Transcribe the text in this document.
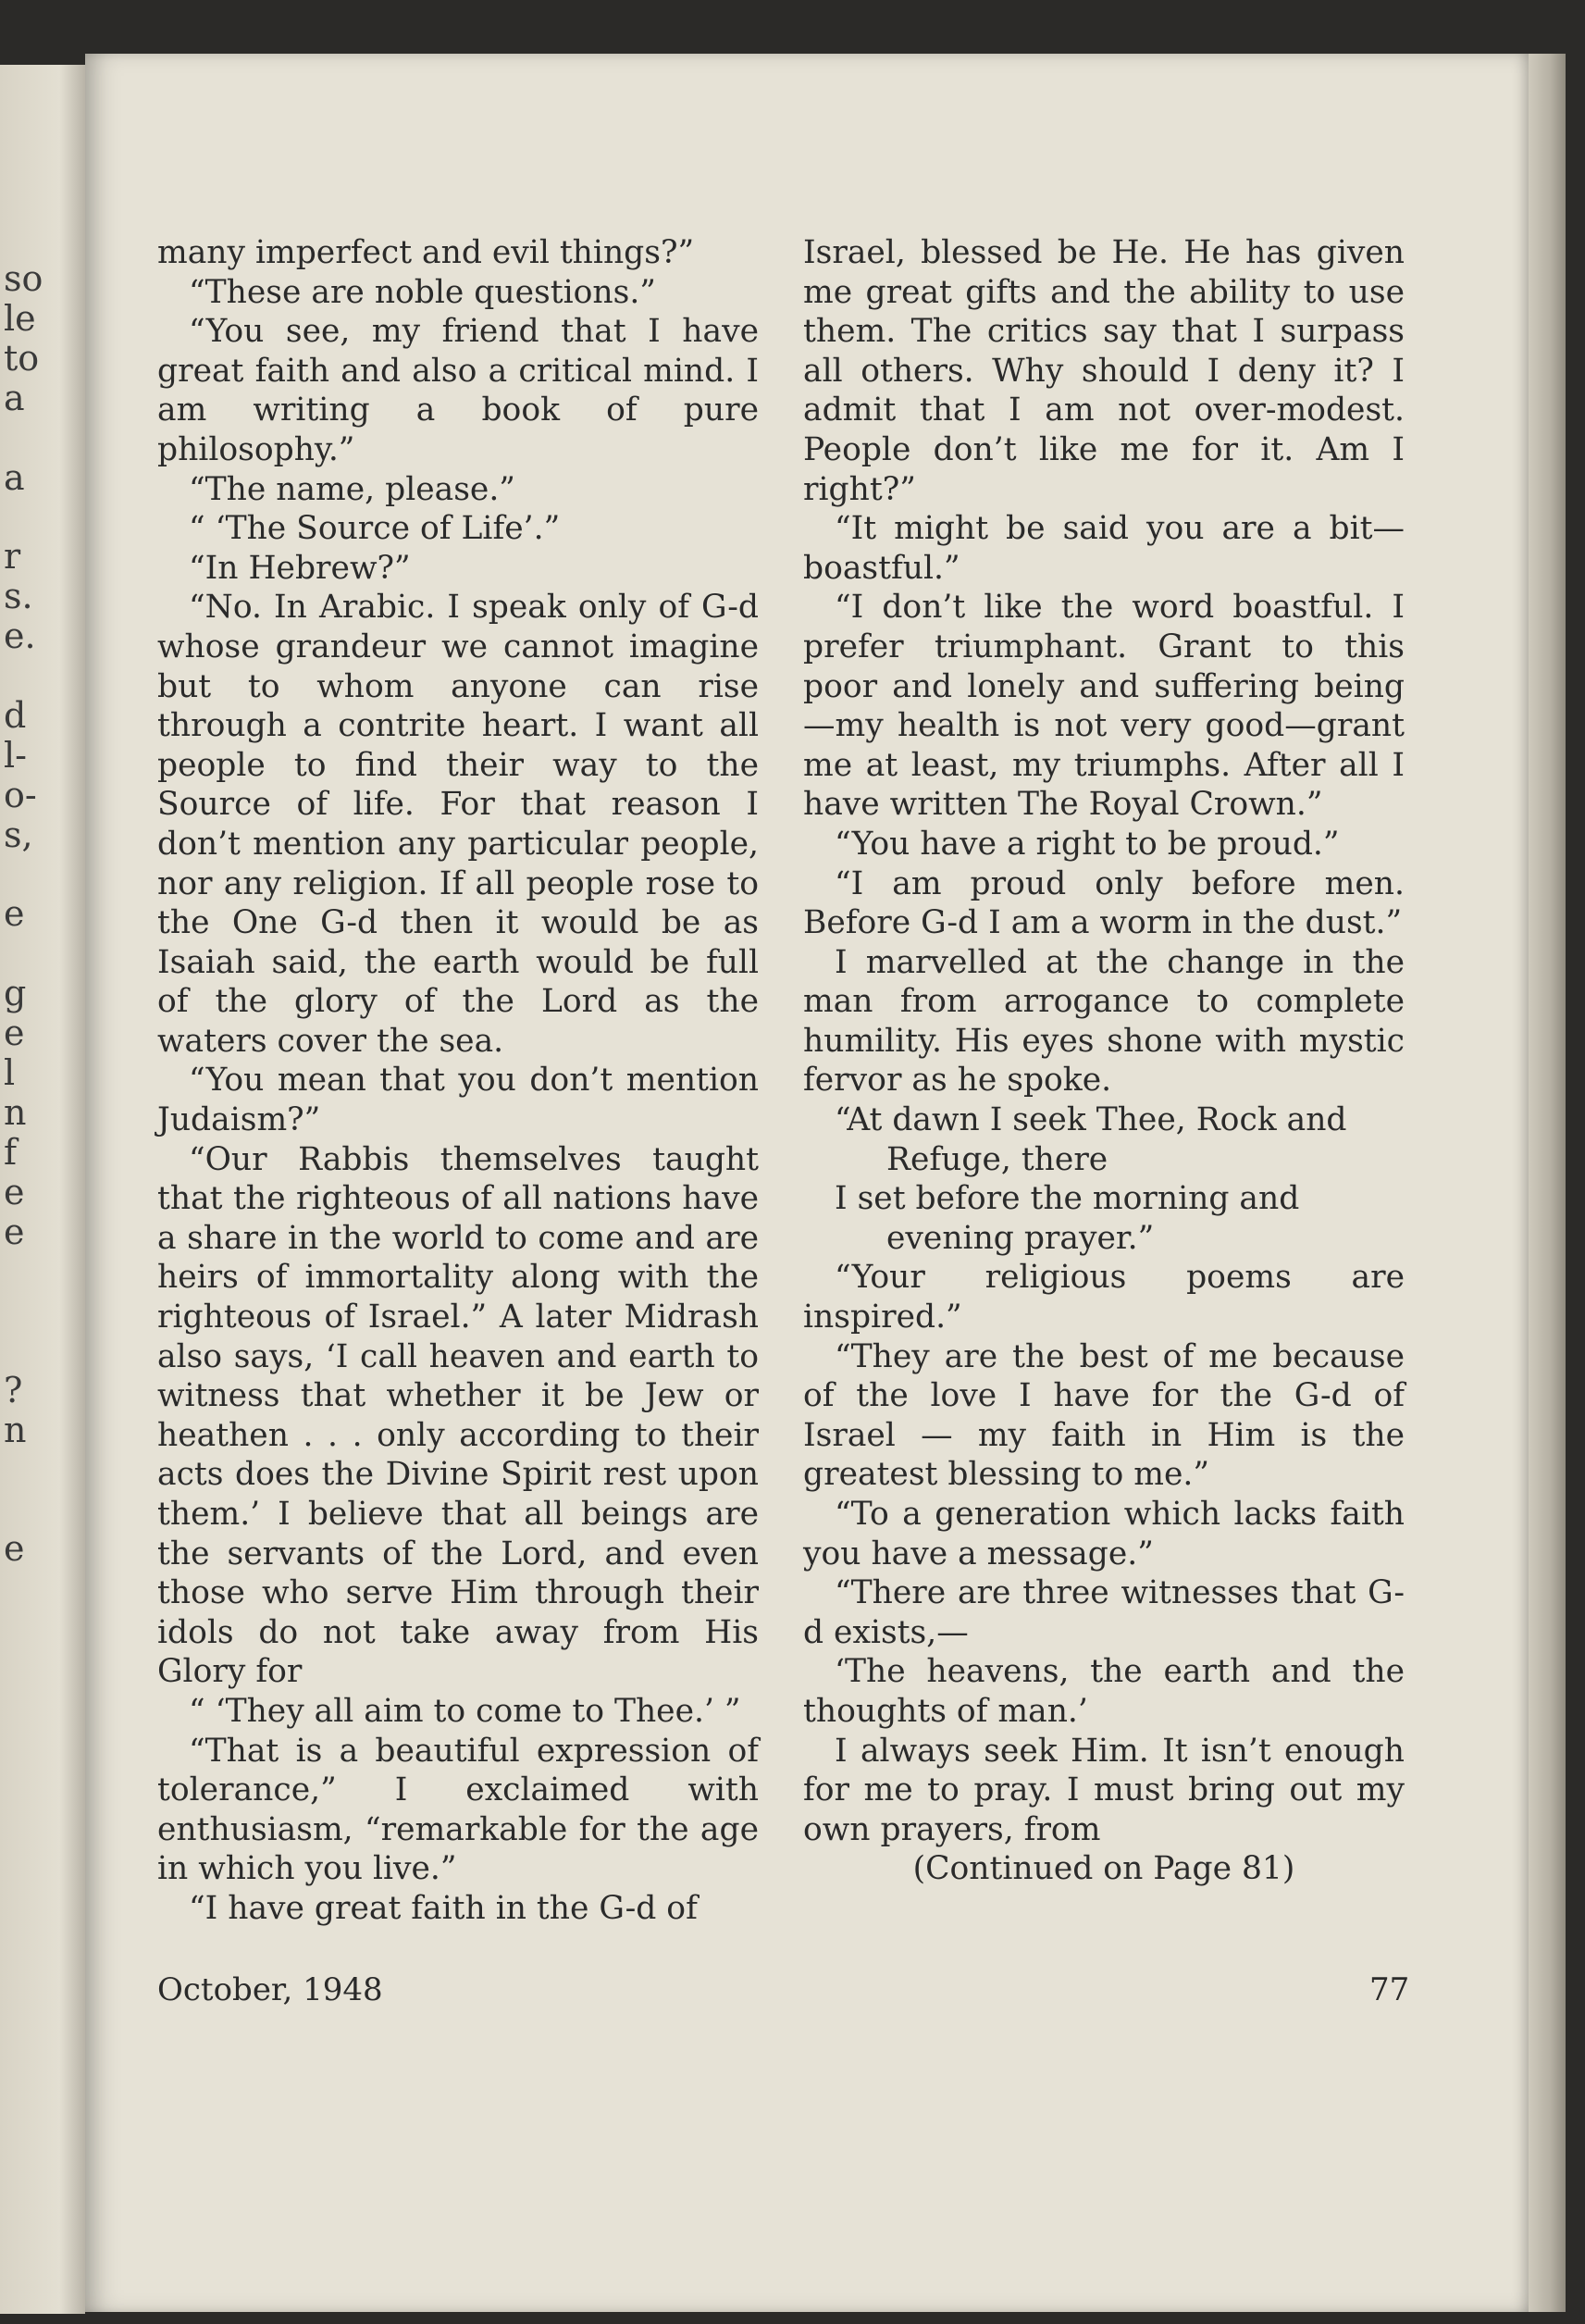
so
le
to
a
a
r
s.
e.
d
l-
o-
s,
e
g
e
l
n
f
e
e
?
n
e

many imperfect and evil things?”

“These are noble questions.”

“You see, my friend that I have great faith and also a critical mind. I am writing a book of pure philosophy.”

“The name, please.”

“ ‘The Source of Life’.”

“In Hebrew?”

“No. In Arabic. I speak only of G-d whose grandeur we cannot imagine but to whom anyone can rise through a contrite heart. I want all people to find their way to the Source of life. For that reason I don’t mention any particular people, nor any religion. If all people rose to the One G-d then it would be as Isaiah said, the earth would be full of the glory of the Lord as the waters cover the sea.

“You mean that you don’t mention Judaism?”

“Our Rabbis themselves taught that the righteous of all nations have a share in the world to come and are heirs of immortality along with the righteous of Israel.” A later Midrash also says, ‘I call heaven and earth to witness that whether it be Jew or heathen . . . only according to their acts does the Divine Spirit rest upon them.’ I believe that all beings are the servants of the Lord, and even those who serve Him through their idols do not take away from His Glory for

“ ‘They all aim to come to Thee.’ ”

“That is a beautiful expression of tolerance,” I exclaimed with enthusiasm, “remarkable for the age in which you live.”

“I have great faith in the G-d of

Israel, blessed be He. He has given me great gifts and the ability to use them. The critics say that I surpass all others. Why should I deny it? I admit that I am not over-modest. People don’t like me for it. Am I right?”

“It might be said you are a bit—boastful.”

“I don’t like the word boastful. I prefer triumphant. Grant to this poor and lonely and suffering being—my health is not very good—grant me at least, my triumphs. After all I have written The Royal Crown.”

“You have a right to be proud.”

“I am proud only before men. Before G-d I am a worm in the dust.”

I marvelled at the change in the man from arrogance to complete humility. His eyes shone with mystic fervor as he spoke.

“At dawn I seek Thee, Rock and Refuge, there

I set before the morning and evening prayer.”

“Your religious poems are inspired.”

“They are the best of me because of the love I have for the G-d of Israel — my faith in Him is the greatest blessing to me.”

“To a generation which lacks faith you have a message.”

“There are three witnesses that G-d exists,—

‘The heavens, the earth and the thoughts of man.’

I always seek Him. It isn’t enough for me to pray. I must bring out my own prayers, from

(Continued on Page 81)

October, 1948	77
